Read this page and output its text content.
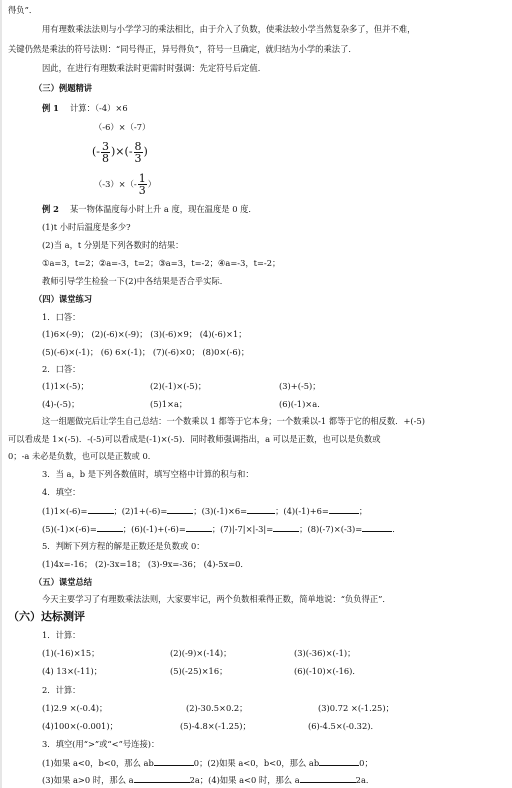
得负”．
用有理数乘法法则与小学学习的乘法相比，由于介入了负数，使乘法较小学当然复杂多了，但并不难，
关键仍然是乘法的符号法则：“同号得正，异号得负”，符号一旦确定，就归结为小学的乘法了．
因此，在进行有理数乘法时更需时时强调：先定符号后定值．
（三）例题精讲
例 1 计算：（-4）×6
（-6）×（-7）
(- $\frac{3}{8}$ )×(- $\frac{8}{3}$ )
$(-3)\times(- \frac{1}{3}$ ）
例 2 某一物体温度每小时上升 a 度，现在温度是 0 度．
(1)t 小时后温度是多少?
(2)当 a，t 分别是下列各数时的结果：
①a=3，t=2；②a=-3，t=2；③a=3，t=-2；④a=-3，t=-2；
教师引导学生检验一下(2)中各结果是否合乎实际．
（四）课堂练习
1．口答：
(1)6×(-9)； (2)(-6)×(-9)； (3)(-6)×9； (4)(-6)×1；
(5)(-6)×(-1)； (6) 6×(-1)； (7)(-6)×0； (8)0×(-6)；
2．口答：
(1)1×(-5)；	(2)(-1)×(-5)；	(3)+(-5)；
(4)-(-5)；	(5)1×a；	(6)(-1)×a．
这一组题做完后让学生自己总结：一个数乘以 1 都等于它本身；一个数乘以-1 都等于它的相反数．+(-5)
可以看成是 1×(-5)．-(-5)可以看成是(-1)×(-5)．同时教师强调指出，a 可以是正数，也可以是负数或
0；-a 未必是负数，也可以是正数或 0．
3．当 a，b 是下列各数值时，填写空格中计算的积与和：
4．填空：
(1)1×(-6)=	；(2)1+(-6)=	；(3)(-1)×6=	；(4)(-1)+6=	；
(5)(-1)×(-6)=	；(6)(-1)+(-6)=	；(7)|-7|×|-3|=	；(8)(-7)×(-3)=	．
5．判断下列方程的解是正数还是负数或 0：
(1)4x=-16； (2)-3x=18； (3)-9x=-36； (4)-5x=0．
（五）课堂总结
今天主要学习了有理数乘法法则，大家要牢记，两个负数相乘得正数，简单地说：“负负得正”．
（六）达标测评
1．计算：
(1)(-16)×15；	(2)(-9)×(-14)；	(3)(-36)×(-1)；
(4) 13×(-11)；	(5)(-25)×16；	(6)(-10)×(-16)．
2．计算：
(1)2.9 ×(-0.4)；	(2)-30.5×0.2；	(3)0.72 ×(-1.25)；
(4)100×(-0.001)；	(5)-4.8×(-1.25)；	(6)-4.5×(-0.32)．
3．填空(用“>”或“<”号连接)：
(1)如果 a<0，b<0，那么 ab	0；(2)如果 a<0，b<0，那么 ab	0；
(3)如果 a>0 时，那么 a	2a；(4)如果 a<0 时，那么 a	2a．
